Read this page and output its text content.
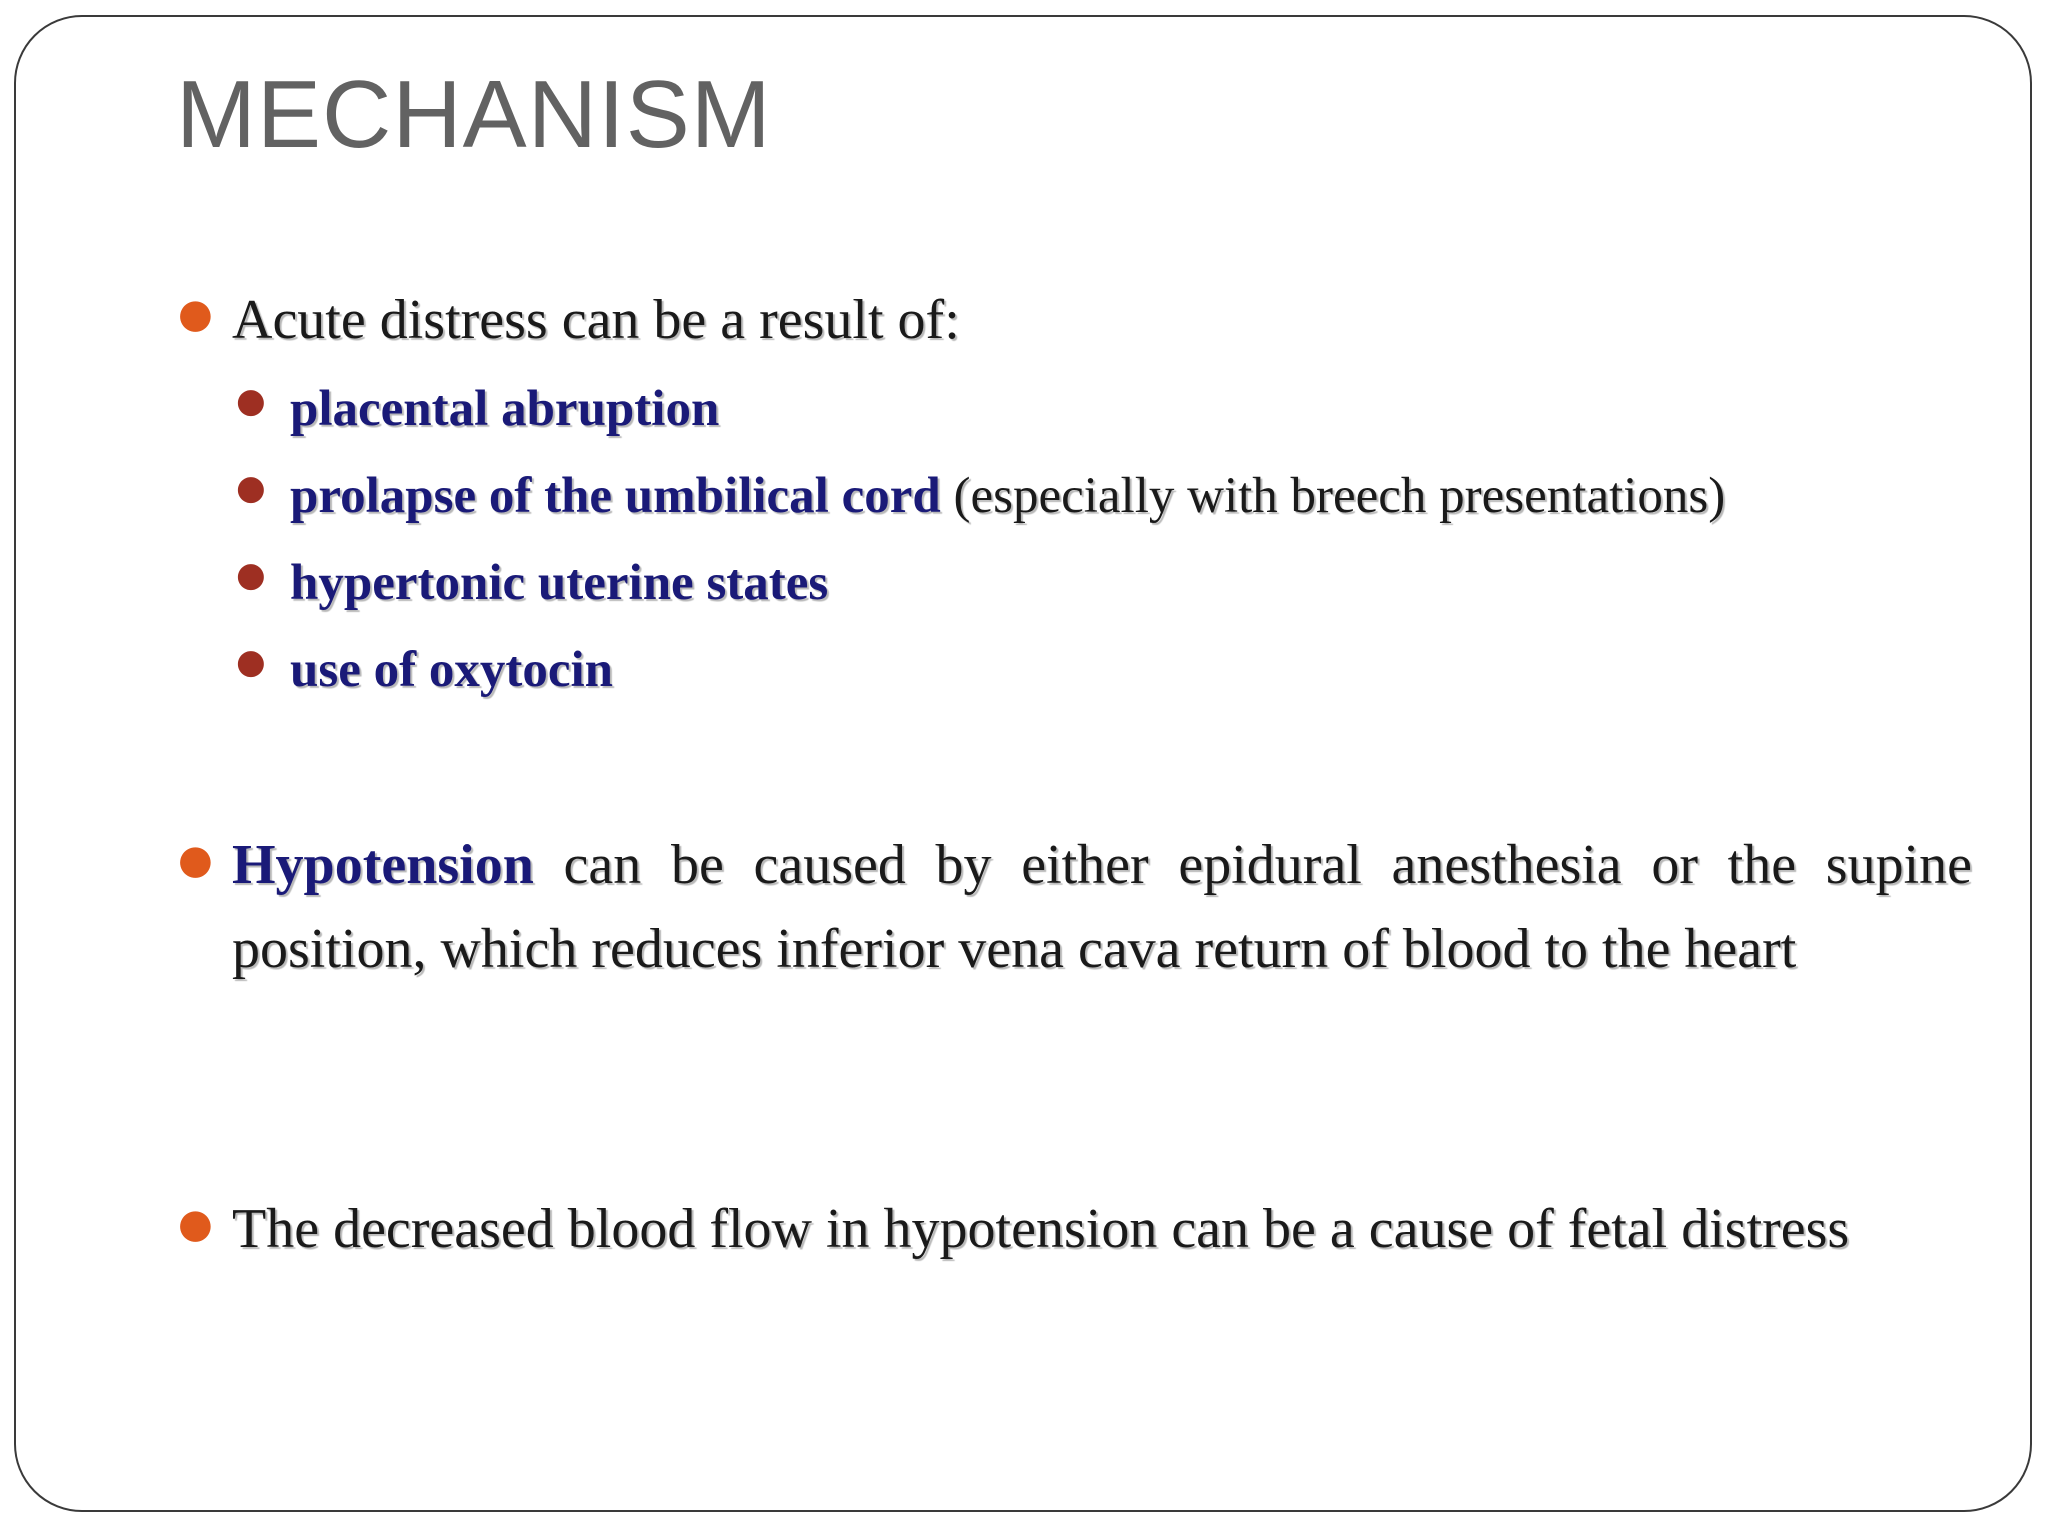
MECHANISM
● Acute distress can be a result of:

● placental abruption

● prolapse of the umbilical cord (especially with breech presentations)

● hypertonic uterine states

● use of oxytocin

● Hypotension can be caused by either epidural anesthesia or the supine position, which reduces inferior vena cava return of blood to the heart

● The decreased blood flow in hypotension can be a cause of fetal distress
